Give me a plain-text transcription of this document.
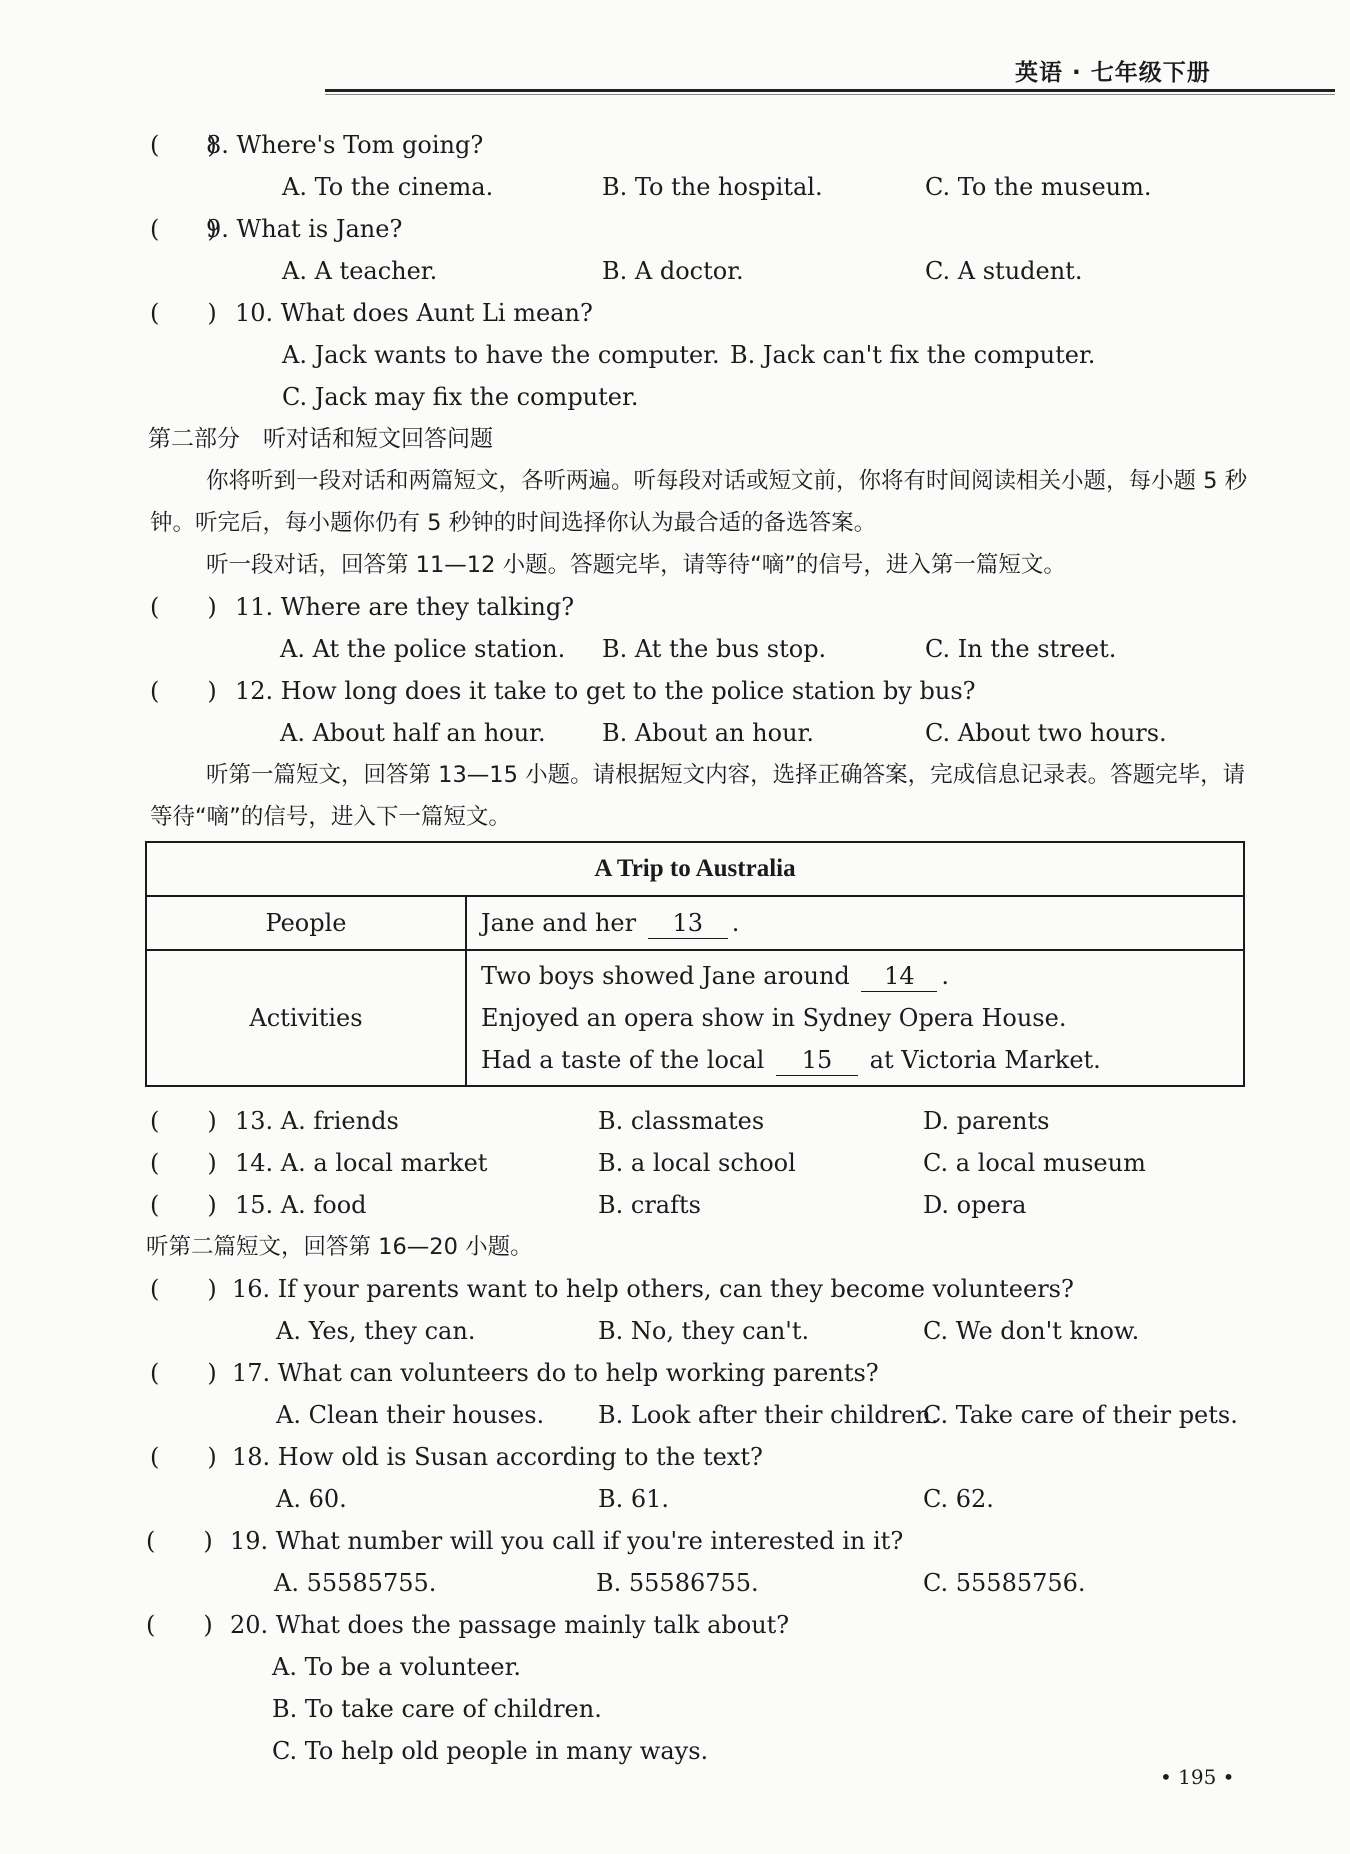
英语 · 七年级下册
(　　)
8. Where's Tom going?
A. To the cinema.	B. To the hospital.	C. To the museum.
(　　)
9. What is Jane?
A. A teacher.	B. A doctor.	C. A student.
(　　) 10. What does Aunt Li mean?
A. Jack wants to have the computer. B. Jack can't fix the computer.
C. Jack may fix the computer.
第二部分　听对话和短文回答问题
你将听到一段对话和两篇短文，各听两遍。听每段对话或短文前，你将有时间阅读相关小题，每小题 5 秒钟。听完后，每小题你仍有 5 秒钟的时间选择你认为最合适的备选答案。
听一段对话，回答第 11—12 小题。答题完毕，请等待“嘀”的信号，进入第一篇短文。
(　　) 11. Where are they talking?
A. At the police station. B. At the bus stop.	C. In the street.
(　　) 12. How long does it take to get to the police station by bus?
A. About half an hour. B. About an hour.	C. About two hours.
听第一篇短文，回答第 13—15 小题。请根据短文内容，选择正确答案，完成信息记录表。答题完毕，请等待“嘀”的信号，进入下一篇短文。
A Trip to Australia	
People	Jane and her 13 .
Activities	Two boys showed Jane around 14 .
Enjoyed an opera show in Sydney Opera House.
Had a taste of the local 15 at Victoria Market.
(　　) 13. A. friends	B. classmates	D. parents
(　　) 14. A. a local market	B. a local school	C. a local museum
(　　) 15. A. food	B. crafts	D. opera
听第二篇短文，回答第 16—20 小题。
(　　) 16. If your parents want to help others, can they become volunteers?
A. Yes, they can.	B. No, they can't.	C. We don't know.
(　　) 17. What can volunteers do to help working parents?
A. Clean their houses. B. Look after their children.
C. Take care of their pets.
(　　) 18. How old is Susan according to the text?
A. 60.	B. 61.	C. 62.
(　　) 19. What number will you call if you're interested in it?
A. 55585755.	B. 55586755.	C. 55585756.
(　　) 20. What does the passage mainly talk about?
A. To be a volunteer.
B. To take care of children.
C. To help old people in many ways.
• 195 •
